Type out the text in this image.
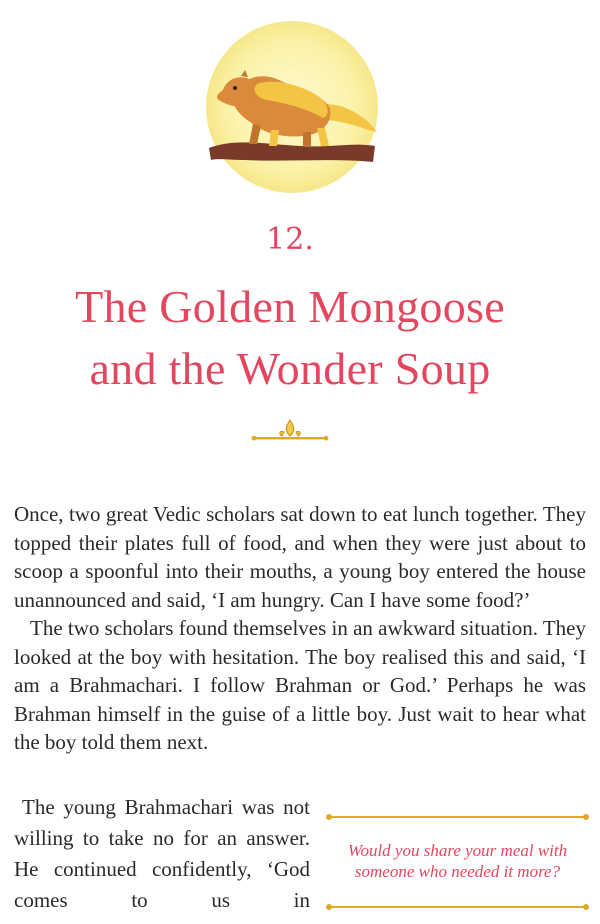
12.
The Golden Mongoose
and the Wonder Soup

Once, two great Vedic scholars sat down to eat lunch together. They topped their plates full of food, and when they were just about to scoop a spoonful into their mouths, a young boy entered the house unannounced and said, ‘I am hungry. Can I have some food?’

The two scholars found themselves in an awkward situation. They looked at the boy with hesitation. The boy realised this and said, ‘I am a Brahmachari. I follow Brahman or God.’ Perhaps he was Brahman himself in the guise of a little boy. Just wait to hear what the boy told them next.

The young Brahmachari was not willing to take no for an answer. He continued confidently, ‘God comes to us in

Would you share your meal with
someone who needed it more?
